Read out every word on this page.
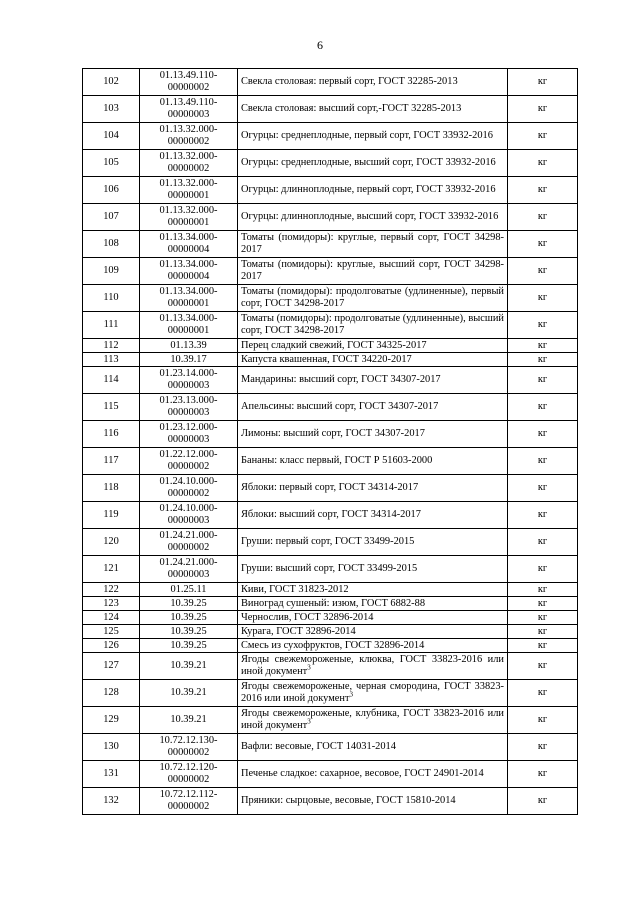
6
102	01.13.49.110-00000002	Свекла столовая: первый сорт, ГОСТ 32285-2013	кг
103	01.13.49.110-00000003	Свекла столовая: высший сорт,-ГОСТ 32285-2013	кг
104	01.13.32.000-00000002	Огурцы: среднеплодные, первый сорт, ГОСТ 33932-2016	кг
105	01.13.32.000-00000002	Огурцы: среднеплодные, высший сорт, ГОСТ 33932-2016	кг
106	01.13.32.000-00000001	Огурцы: длинноплодные, первый сорт, ГОСТ 33932-2016	кг
107	01.13.32.000-00000001	Огурцы: длинноплодные, высший сорт, ГОСТ 33932-2016	кг
108	01.13.34.000-00000004	Томаты (помидоры): круглые, первый сорт, ГОСТ 34298-2017	кг
109	01.13.34.000-00000004	Томаты (помидоры): круглые, высший сорт, ГОСТ 34298-2017	кг
110	01.13.34.000-00000001	Томаты (помидоры): продолговатые (удлиненные), первый сорт, ГОСТ 34298-2017	кг
111	01.13.34.000-00000001	Томаты (помидоры): продолговатые (удлиненные), высший сорт, ГОСТ 34298-2017	кг
112	01.13.39	Перец сладкий свежий, ГОСТ 34325-2017	кг
113	10.39.17	Капуста квашенная, ГОСТ 34220-2017	кг
114	01.23.14.000-00000003	Мандарины: высший сорт, ГОСТ 34307-2017	кг
115	01.23.13.000-00000003	Апельсины: высший сорт, ГОСТ 34307-2017	кг
116	01.23.12.000-00000003	Лимоны: высший сорт, ГОСТ 34307-2017	кг
117	01.22.12.000-00000002	Бананы: класс первый, ГОСТ Р 51603-2000	кг
118	01.24.10.000-00000002	Яблоки: первый сорт, ГОСТ 34314-2017	кг
119	01.24.10.000-00000003	Яблоки: высший сорт, ГОСТ 34314-2017	кг
120	01.24.21.000-00000002	Груши: первый сорт, ГОСТ 33499-2015	кг
121	01.24.21.000-00000003	Груши: высший сорт, ГОСТ 33499-2015	кг
122	01.25.11	Киви, ГОСТ 31823-2012	кг
123	10.39.25	Виноград сушеный: изюм, ГОСТ 6882-88	кг
124	10.39.25	Чернослив, ГОСТ 32896-2014	кг
125	10.39.25	Курага, ГОСТ 32896-2014	кг
126	10.39.25	Смесь из сухофруктов, ГОСТ 32896-2014	кг
127	10.39.21	Ягоды свежемороженые, клюква, ГОСТ 33823-2016 или иной документ$^3$	кг
128	10.39.21	Ягоды свежемороженые, черная смородина, ГОСТ 33823-2016 или иной документ$^3$	кг
129	10.39.21	Ягоды свежемороженые, клубника, ГОСТ 33823-2016 или иной документ$^3$	кг
130	10.72.12.130-00000002	Вафли: весовые, ГОСТ 14031-2014	кг
131	10.72.12.120-00000002	Печенье сладкое: сахарное, весовое, ГОСТ 24901-2014	кг
132	10.72.12.112-00000002	Пряники: сырцовые, весовые, ГОСТ 15810-2014	кг
